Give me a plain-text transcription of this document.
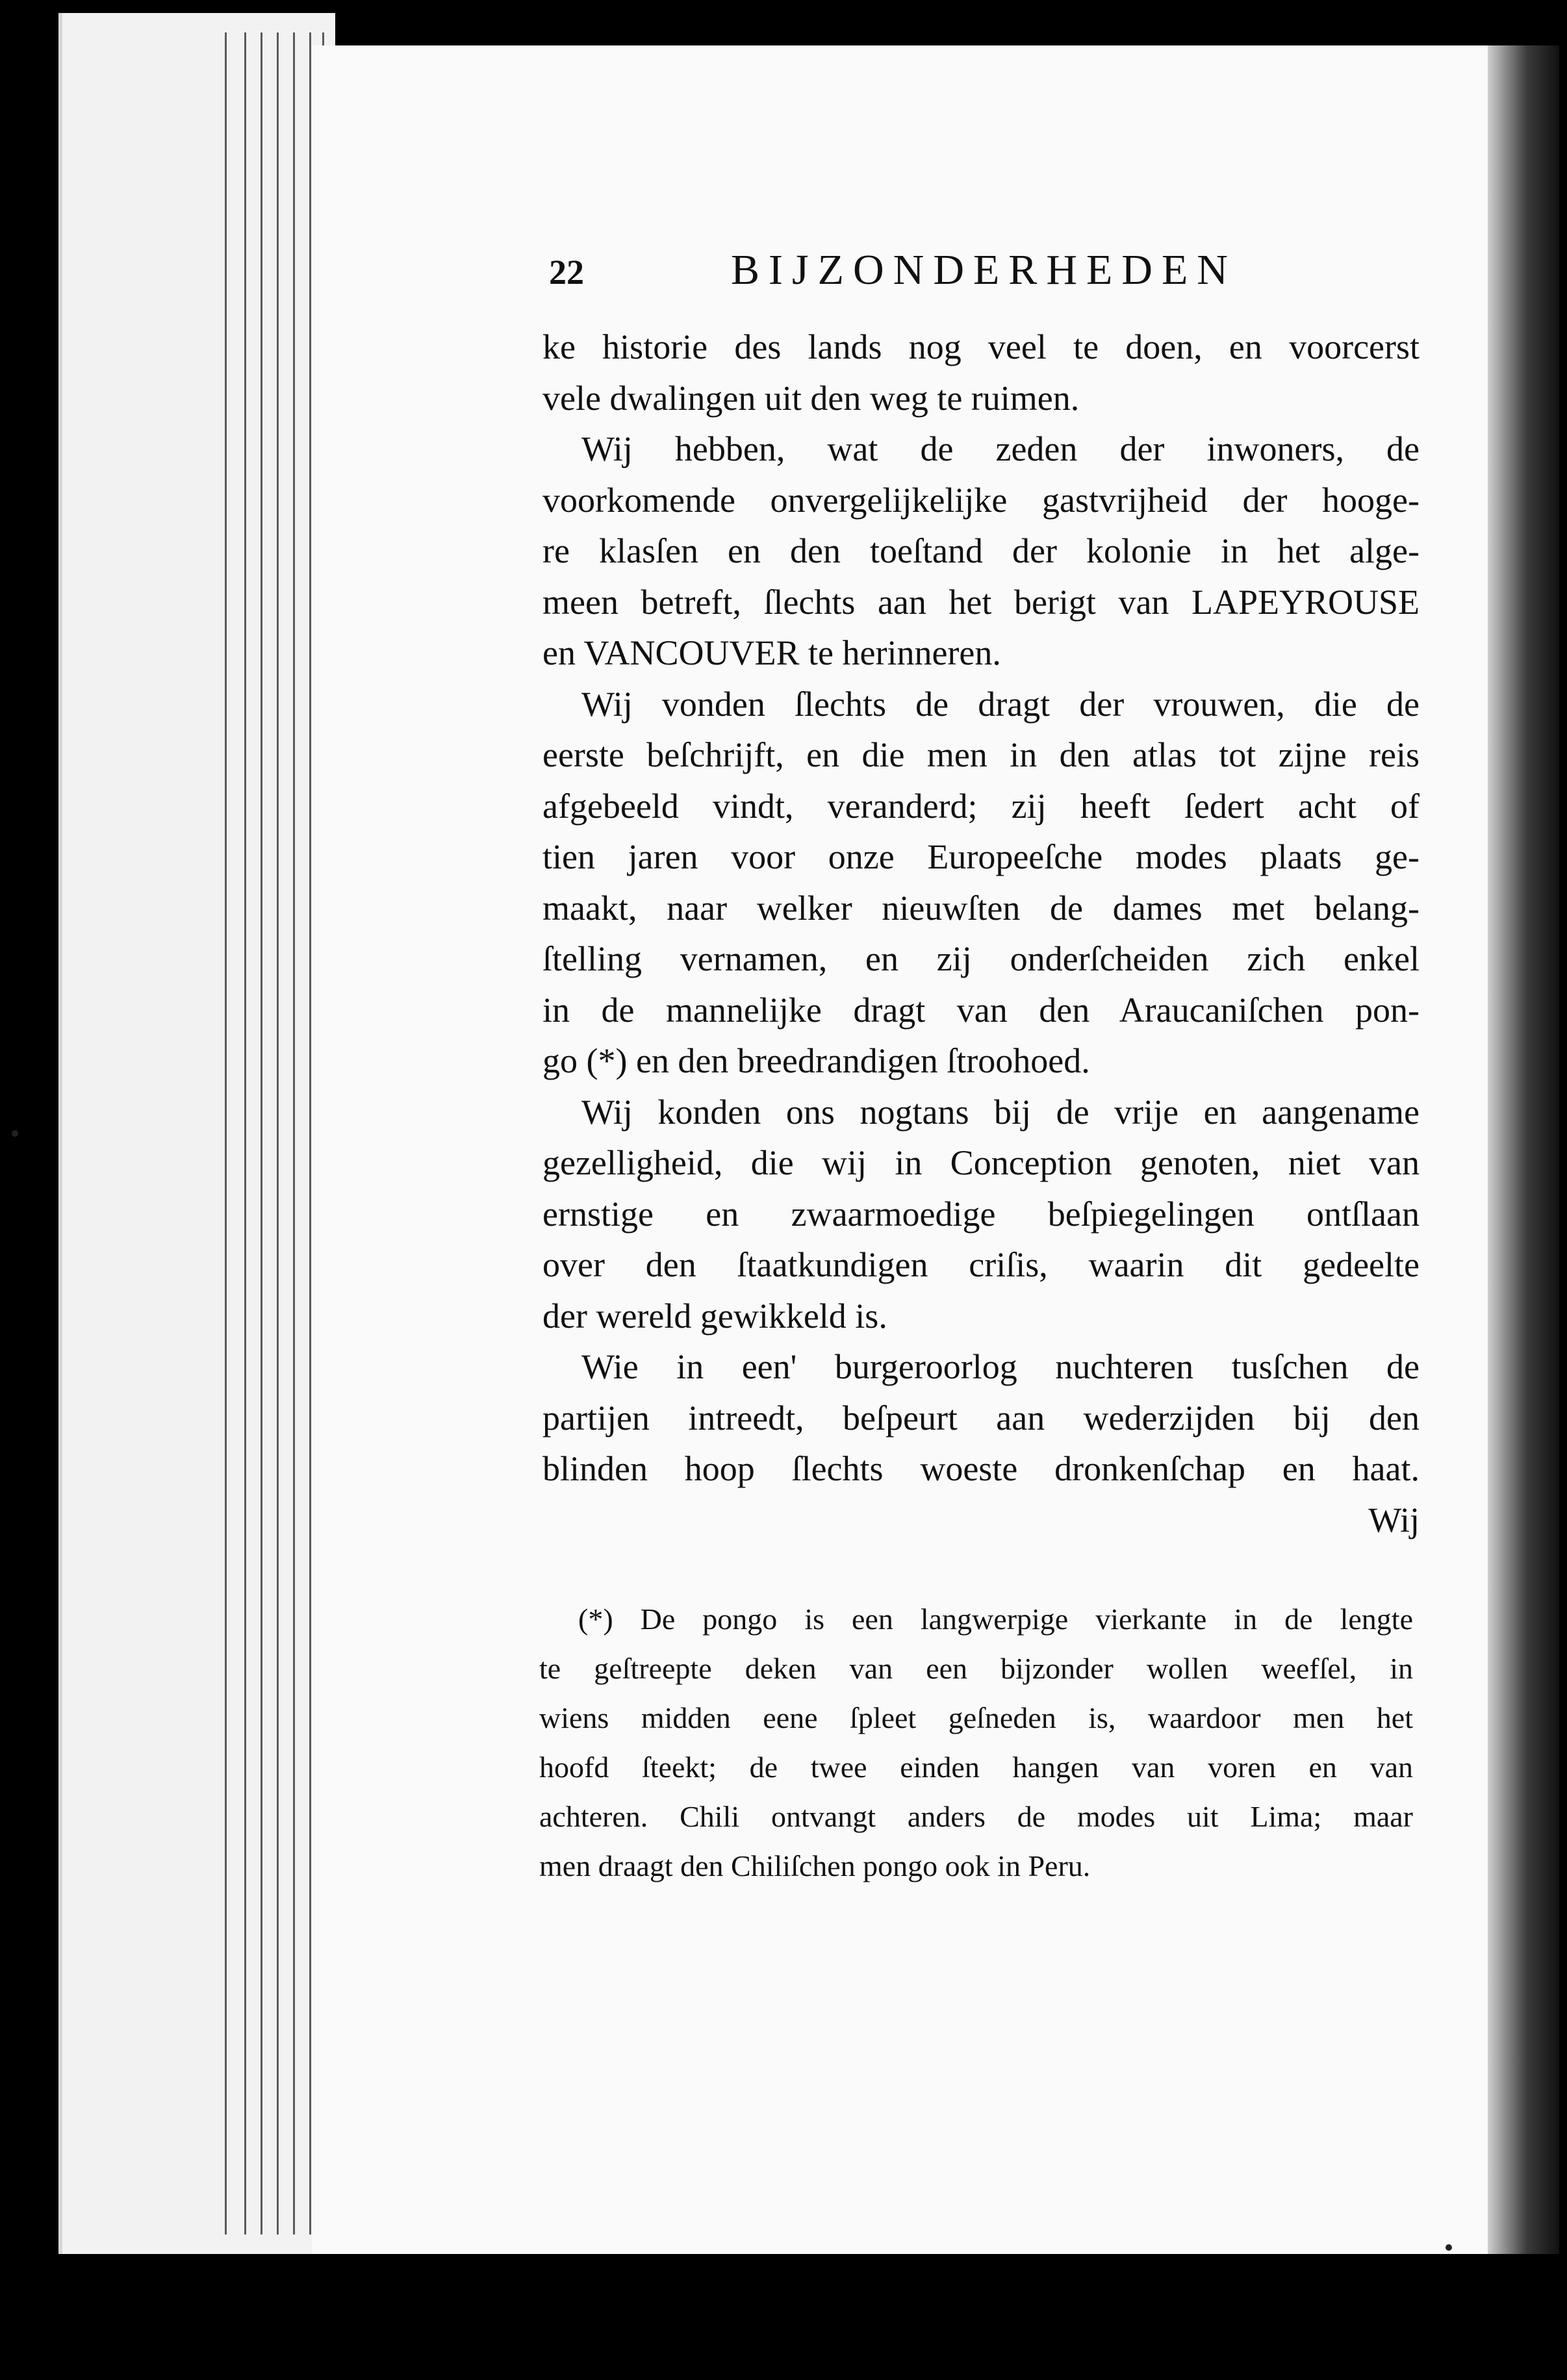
22	BIJZONDERHEDEN
ke historie des lands nog veel te doen, en voorcerst
vele dwalingen uit den weg te ruimen.
Wij hebben, wat de zeden der inwoners, de
voorkomende onvergelijkelijke gastvrijheid der hooge-
re klasſen en den toeſtand der kolonie in het alge-
meen betreft, ſlechts aan het berigt van LAPEYROUSE
en VANCOUVER te herinneren.
Wij vonden ſlechts de dragt der vrouwen, die de
eerste beſchrijft, en die men in den atlas tot zijne reis
afgebeeld vindt, veranderd; zij heeft ſedert acht of
tien jaren voor onze Europeeſche modes plaats ge-
maakt, naar welker nieuwſten de dames met belang-
ſtelling vernamen, en zij onderſcheiden zich enkel
in de mannelijke dragt van den Araucaniſchen pon-
go (*) en den breedrandigen ſtroohoed.
Wij konden ons nogtans bij de vrije en aangename
gezelligheid, die wij in Conception genoten, niet van
ernstige en zwaarmoedige beſpiegelingen ontſlaan
over den ſtaatkundigen criſis, waarin dit gedeelte
der wereld gewikkeld is.
Wie in een' burgeroorlog nuchteren tusſchen de
partijen intreedt, beſpeurt aan wederzijden bij den
blinden hoop ſlechts woeste dronkenſchap en haat.
Wij
(*) De pongo is een langwerpige vierkante in de lengte
te geſtreepte deken van een bijzonder wollen weefſel, in
wiens midden eene ſpleet geſneden is, waardoor men het
hoofd ſteekt; de twee einden hangen van voren en van
achteren. Chili ontvangt anders de modes uit Lima; maar
men draagt den Chiliſchen pongo ook in Peru.
